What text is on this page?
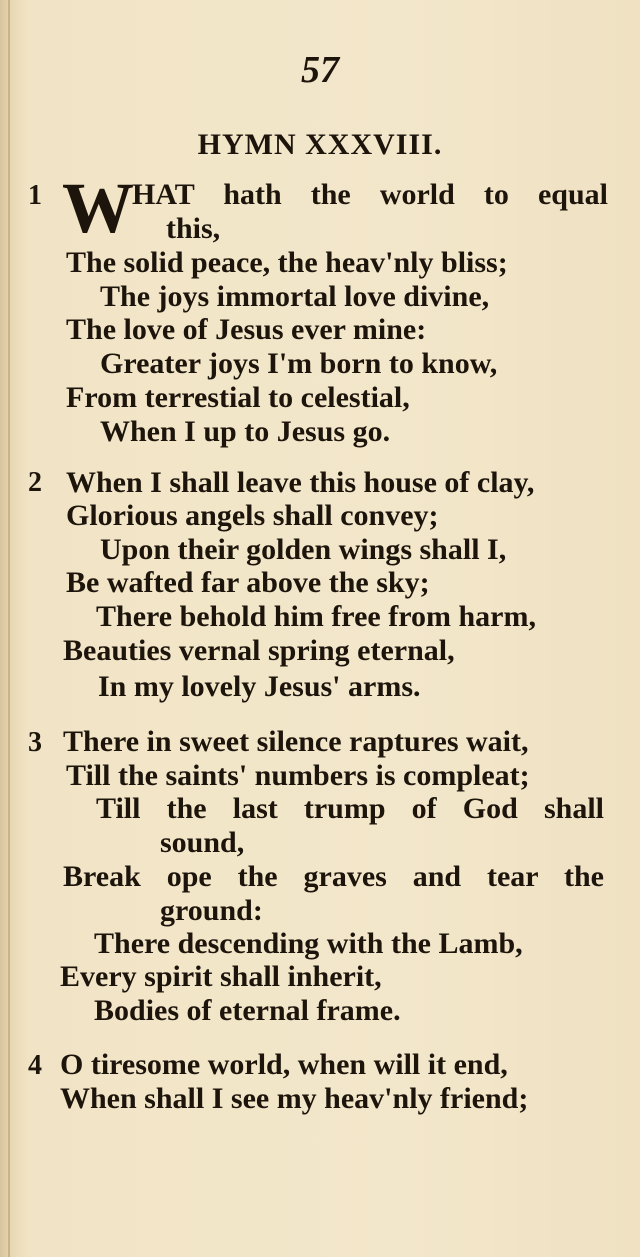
57
HYMN XXXVIII.
1 W
HAT hath the world to equal
this,
The solid peace, the heav'nly bliss;
The joys immortal love divine,
The love of Jesus ever mine:
Greater joys I'm born to know,
From terrestial to celestial,
When I up to Jesus go.
2 When I shall leave this house of clay,
Glorious angels shall convey;
Upon their golden wings shall I,
Be wafted far above the sky;
There behold him free from harm,
Beauties vernal spring eternal,
In my lovely Jesus' arms.
3 There in sweet silence raptures wait,
Till the saints' numbers is compleat;
Till the last trump of God shall
sound,
Break ope the graves and tear the
ground:
There descending with the Lamb,
Every spirit shall inherit,
Bodies of eternal frame.
4 O tiresome world, when will it end,
When shall I see my heav'nly friend;
